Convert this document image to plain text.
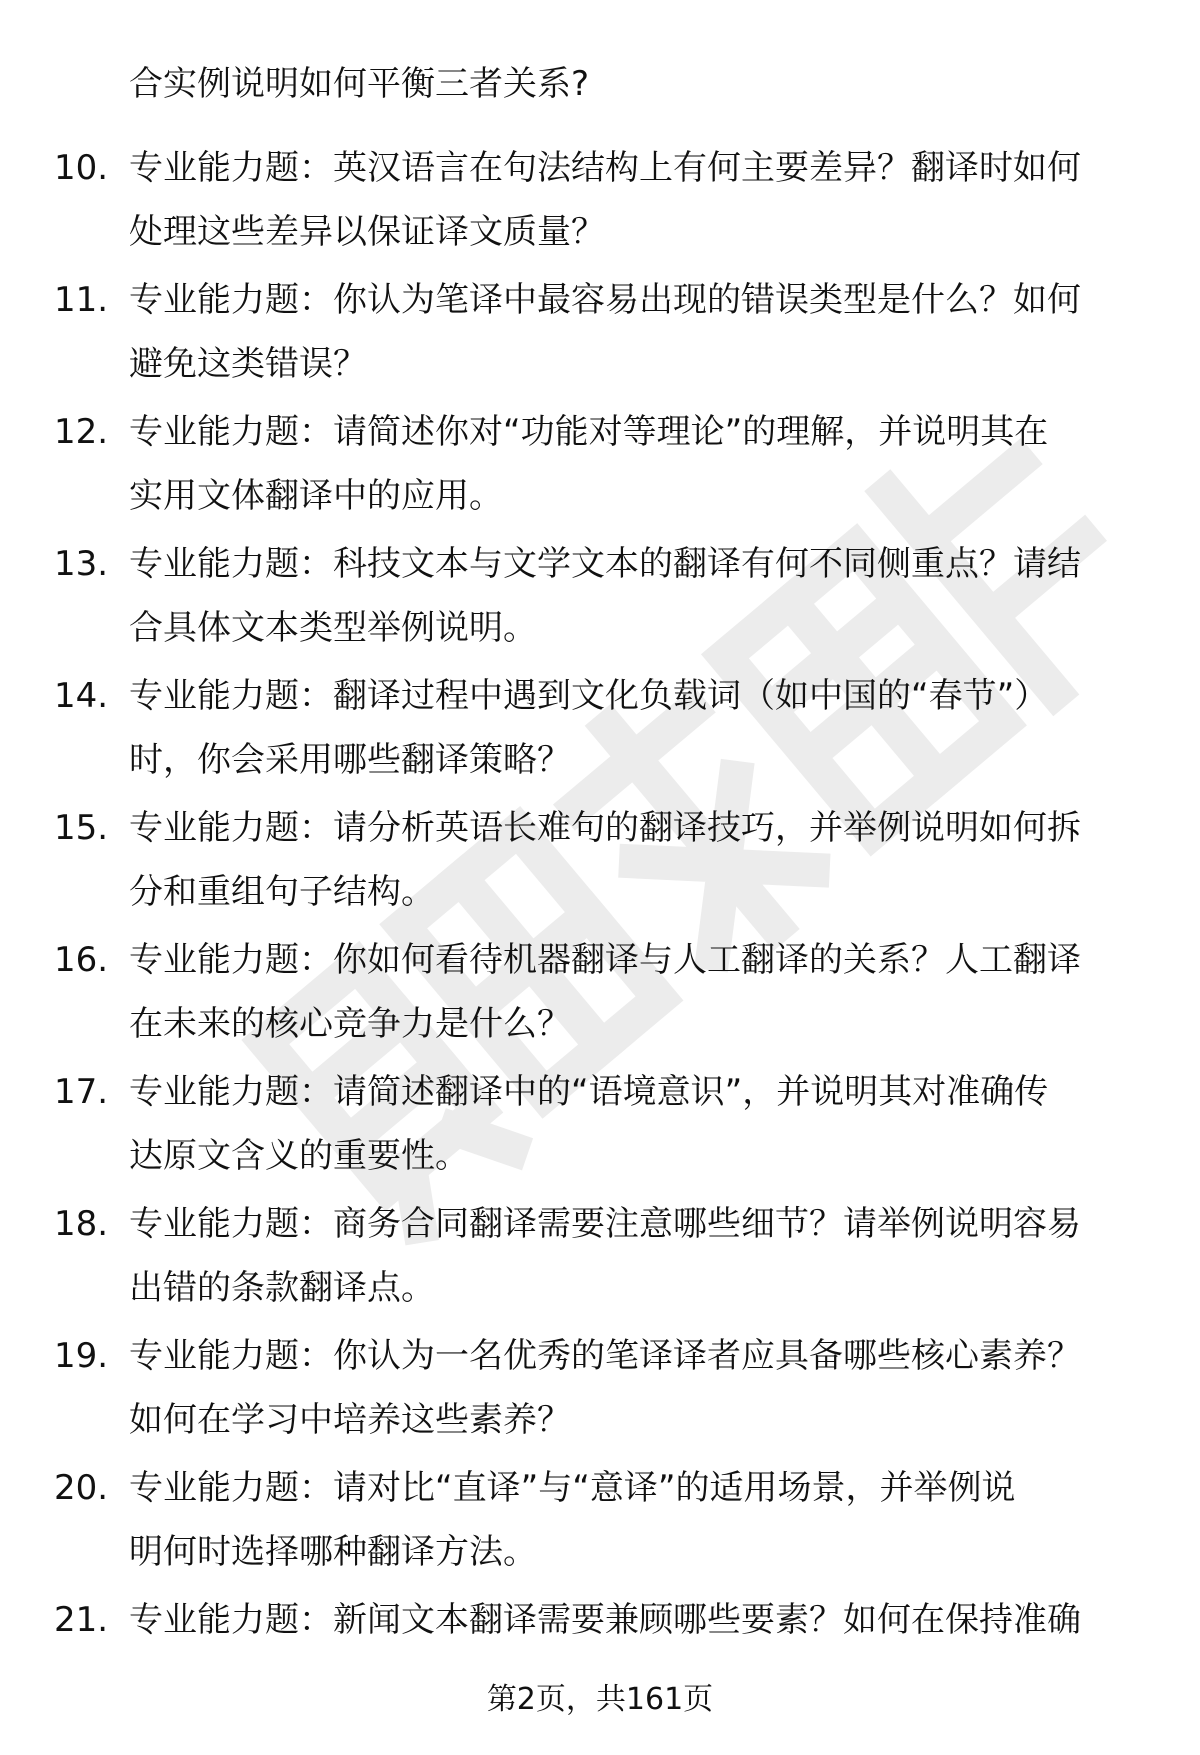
合实例说明如何平衡三者关系?
10. 专业能力题：英汉语言在句法结构上有何主要差异？翻译时如何
处理这些差异以保证译文质量？
11. 专业能力题：你认为笔译中最容易出现的错误类型是什么？如何
避免这类错误？
12. 专业能力题：请简述你对“功能对等理论”的理解，并说明其在
实用文体翻译中的应用。
13. 专业能力题：科技文本与文学文本的翻译有何不同侧重点？请结
合具体文本类型举例说明。
14. 专业能力题：翻译过程中遇到文化负载词（如中国的“春节”）
时，你会采用哪些翻译策略？
15. 专业能力题：请分析英语长难句的翻译技巧，并举例说明如何拆
分和重组句子结构。
16. 专业能力题：你如何看待机器翻译与人工翻译的关系？人工翻译
在未来的核心竞争力是什么？
17. 专业能力题：请简述翻译中的“语境意识”，并说明其对准确传
达原文含义的重要性。
18. 专业能力题：商务合同翻译需要注意哪些细节？请举例说明容易
出错的条款翻译点。
19. 专业能力题：你认为一名优秀的笔译译者应具备哪些核心素养？
如何在学习中培养这些素养？
20. 专业能力题：请对比“直译”与“意译”的适用场景，并举例说
明何时选择哪种翻译方法。
21. 专业能力题：新闻文本翻译需要兼顾哪些要素？如何在保持准确
第2页，共161页
